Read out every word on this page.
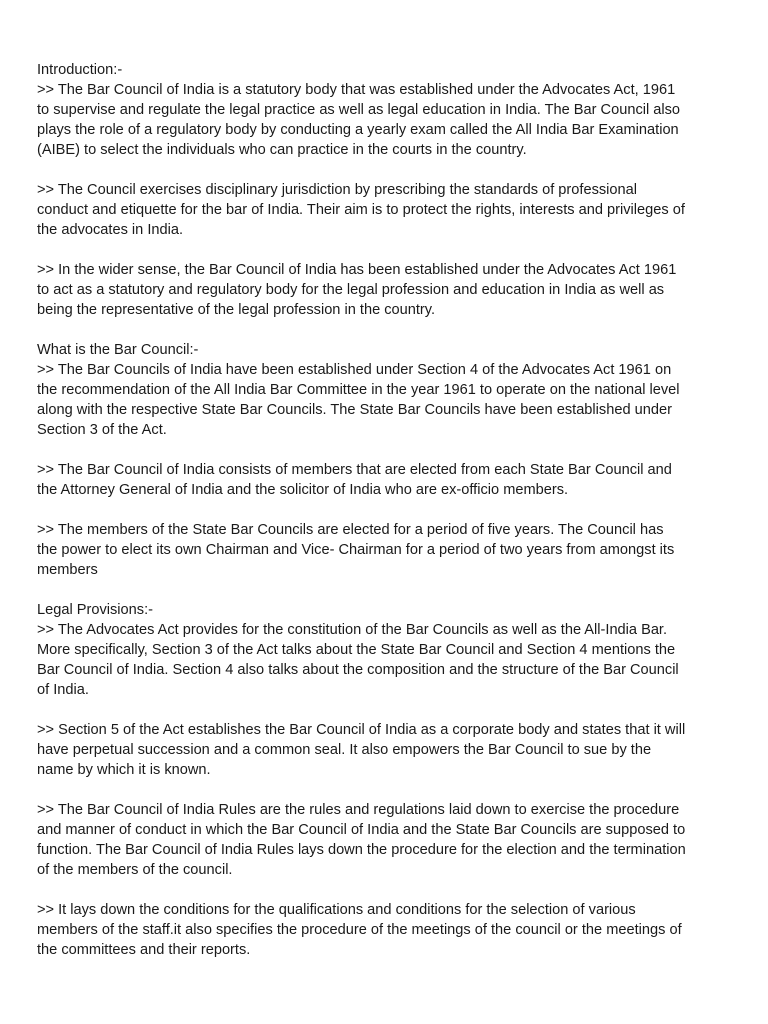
Introduction:-
>> The Bar Council of India is a statutory body that was established under the Advocates Act, 1961
to supervise and regulate the legal practice as well as legal education in India. The Bar Council also
plays the role of a regulatory body by conducting a yearly exam called the All India Bar Examination
(AIBE) to select the individuals who can practice in the courts in the country.
>> The Council exercises disciplinary jurisdiction by prescribing the standards of professional
conduct and etiquette for the bar of India. Their aim is to protect the rights, interests and privileges of
the advocates in India.
>> In the wider sense, the Bar Council of India has been established under the Advocates Act 1961
to act as a statutory and regulatory body for the legal profession and education in India as well as
being the representative of the legal profession in the country.
What is the Bar Council:-
>> The Bar Councils of India have been established under Section 4 of the Advocates Act 1961 on
the recommendation of the All India Bar Committee in the year 1961 to operate on the national level
along with the respective State Bar Councils. The State Bar Councils have been established under
Section 3 of the Act.
>> The Bar Council of India consists of members that are elected from each State Bar Council and
the Attorney General of India and the solicitor of India who are ex-officio members.
>> The members of the State Bar Councils are elected for a period of five years. The Council has
the power to elect its own Chairman and Vice- Chairman for a period of two years from amongst its
members
Legal Provisions:-
>> The Advocates Act provides for the constitution of the Bar Councils as well as the All-India Bar.
More specifically, Section 3 of the Act talks about the State Bar Council and Section 4 mentions the
Bar Council of India. Section 4 also talks about the composition and the structure of the Bar Council
of India.
>> Section 5 of the Act establishes the Bar Council of India as a corporate body and states that it will
have perpetual succession and a common seal. It also empowers the Bar Council to sue by the
name by which it is known.
>> The Bar Council of India Rules are the rules and regulations laid down to exercise the procedure
and manner of conduct in which the Bar Council of India and the State Bar Councils are supposed to
function. The Bar Council of India Rules lays down the procedure for the election and the termination
of the members of the council.
>> It lays down the conditions for the qualifications and conditions for the selection of various
members of the staff.it also specifies the procedure of the meetings of the council or the meetings of
the committees and their reports.
